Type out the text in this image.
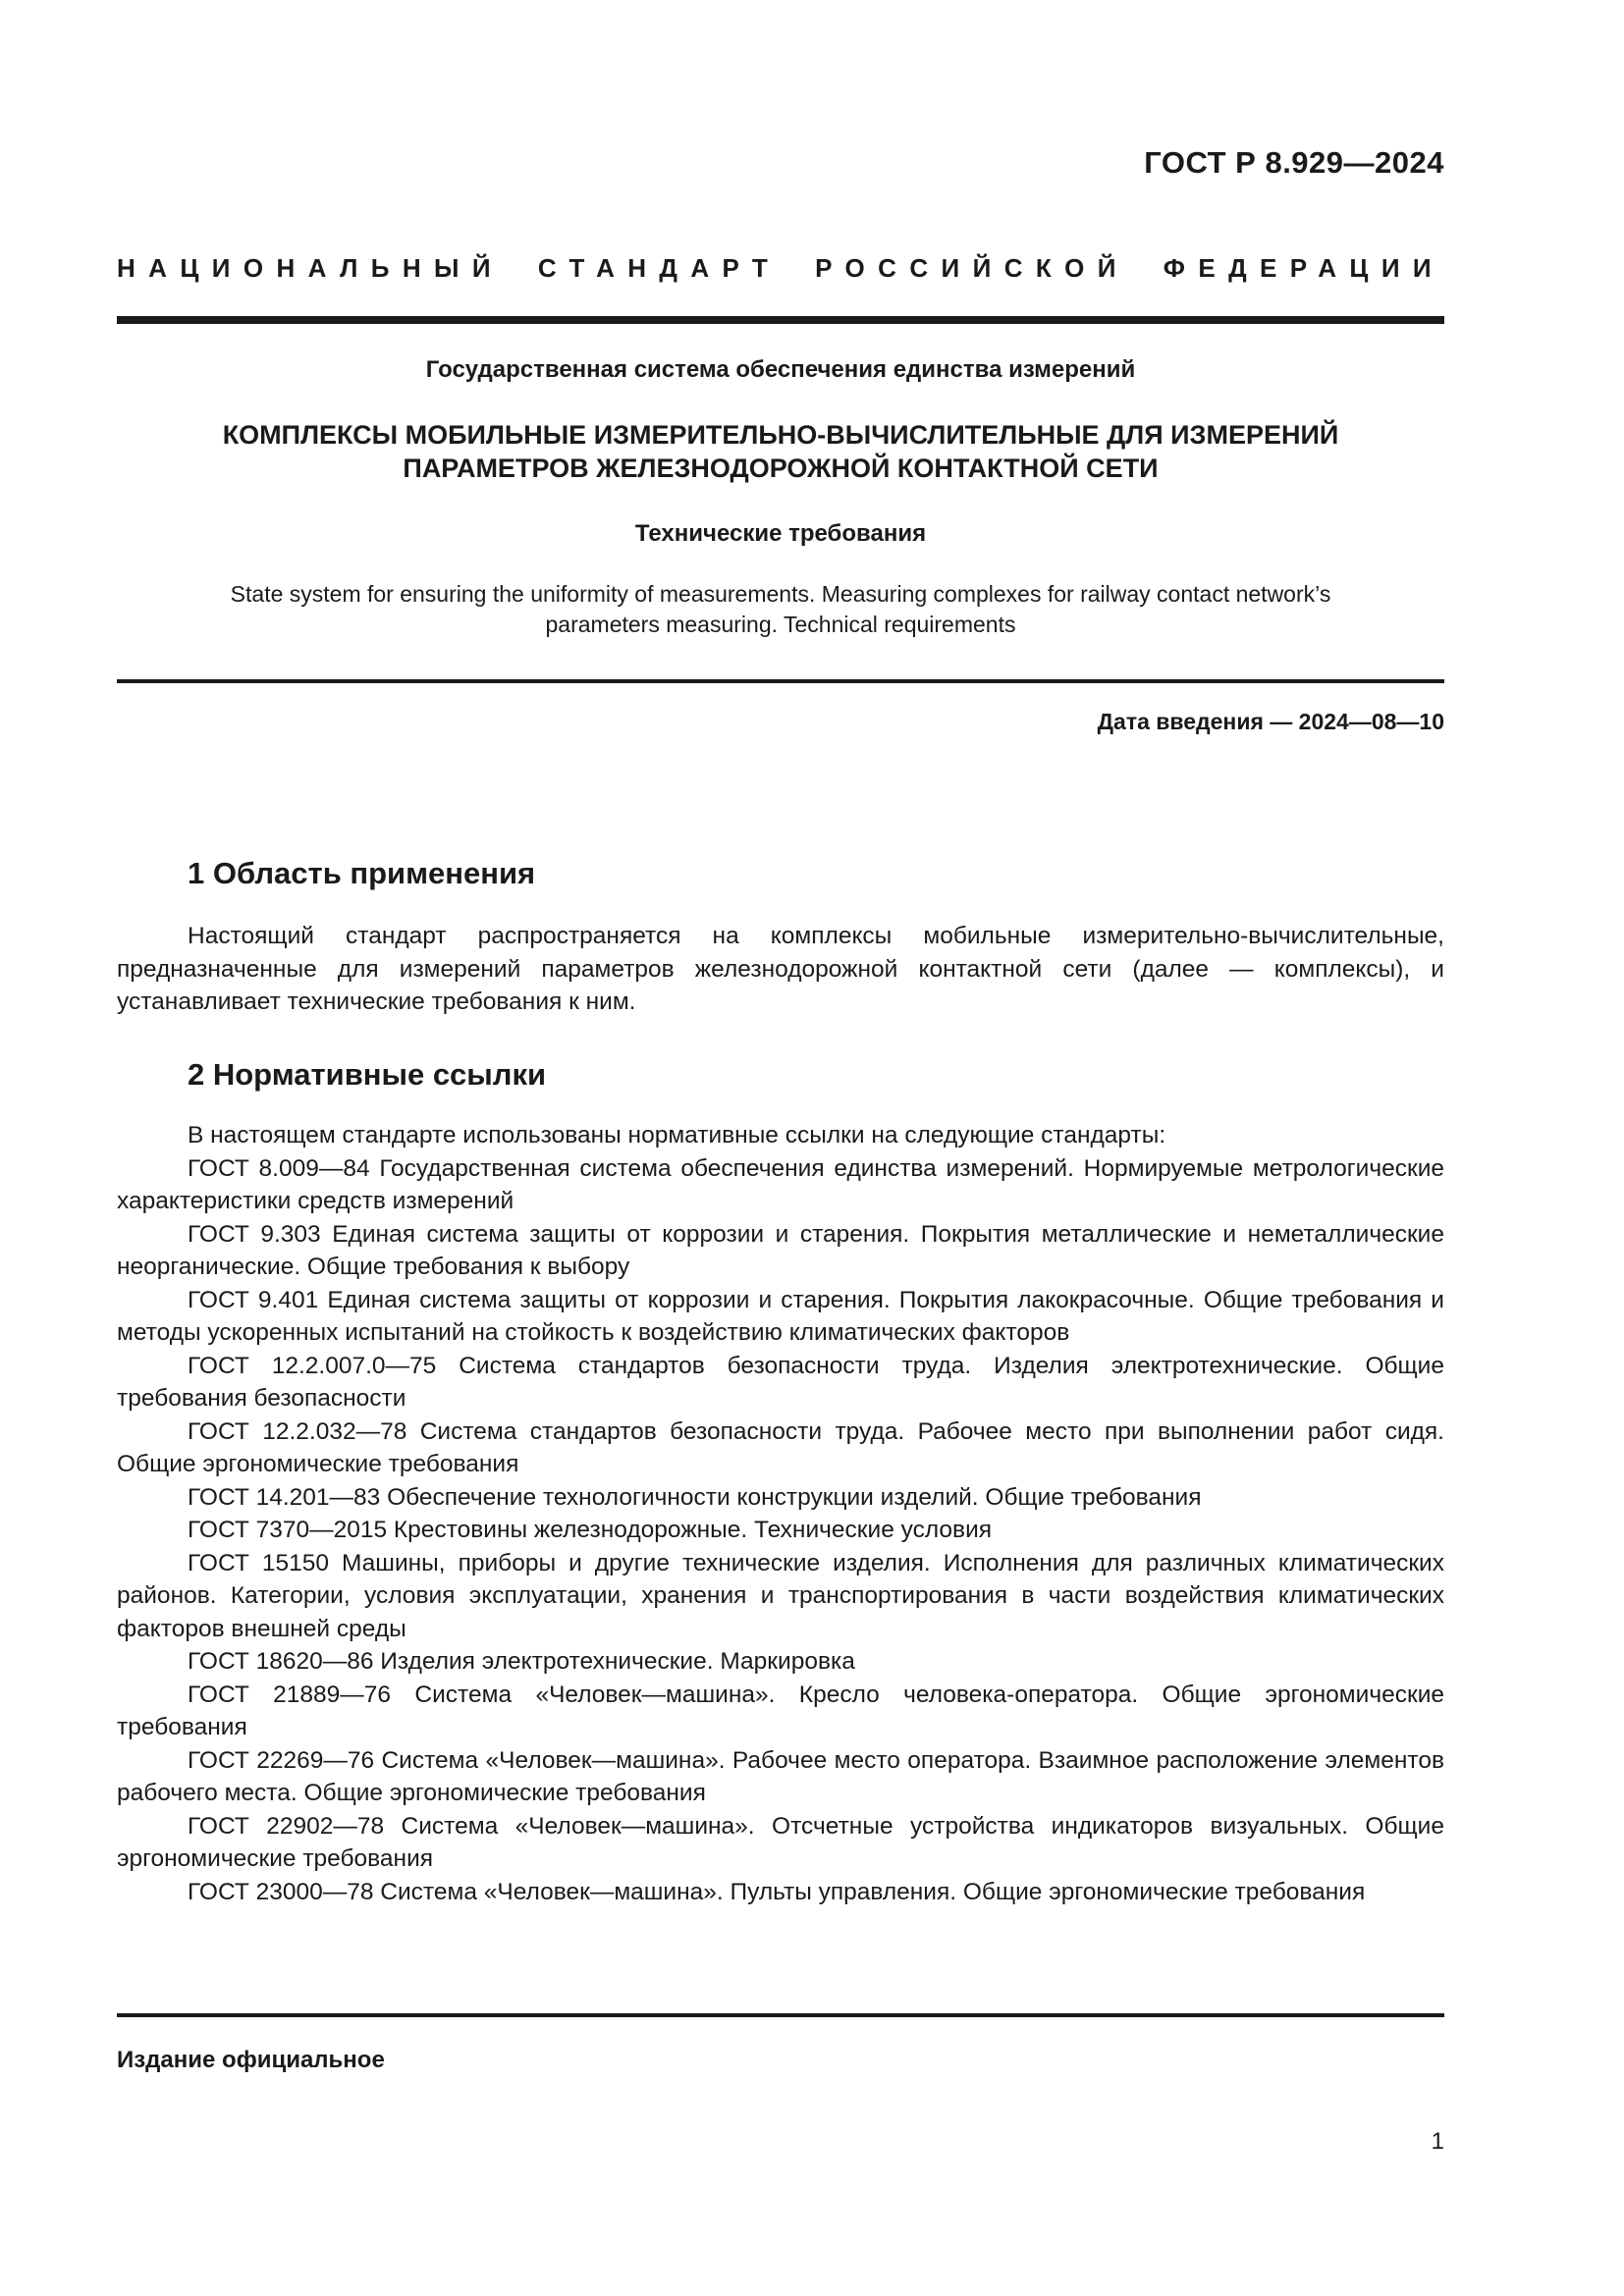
ГОСТ Р 8.929—2024
НАЦИОНАЛЬНЫЙ СТАНДАРТ РОССИЙСКОЙ ФЕДЕРАЦИИ
Государственная система обеспечения единства измерений
КОМПЛЕКСЫ МОБИЛЬНЫЕ ИЗМЕРИТЕЛЬНО-ВЫЧИСЛИТЕЛЬНЫЕ ДЛЯ ИЗМЕРЕНИЙ
ПАРАМЕТРОВ ЖЕЛЕЗНОДОРОЖНОЙ КОНТАКТНОЙ СЕТИ
Технические требования
State system for ensuring the uniformity of measurements. Measuring complexes for railway contact network’s
parameters measuring. Technical requirements
Дата введения — 2024—08—10
1 Область применения

Настоящий стандарт распространяется на комплексы мобильные измерительно-вычислительные, предназначенные для измерений параметров железнодорожной контактной сети (далее — комплексы), и устанавливает технические требования к ним.

2 Нормативные ссылки

В настоящем стандарте использованы нормативные ссылки на следующие стандарты:

ГОСТ 8.009—84 Государственная система обеспечения единства измерений. Нормируемые метрологические характеристики средств измерений

ГОСТ 9.303 Единая система защиты от коррозии и старения. Покрытия металлические и неметаллические неорганические. Общие требования к выбору

ГОСТ 9.401 Единая система защиты от коррозии и старения. Покрытия лакокрасочные. Общие требования и методы ускоренных испытаний на стойкость к воздействию климатических факторов

ГОСТ 12.2.007.0—75 Система стандартов безопасности труда. Изделия электротехнические. Общие требования безопасности

ГОСТ 12.2.032—78 Система стандартов безопасности труда. Рабочее место при выполнении работ сидя. Общие эргономические требования

ГОСТ 14.201—83 Обеспечение технологичности конструкции изделий. Общие требования

ГОСТ 7370—2015 Крестовины железнодорожные. Технические условия

ГОСТ 15150 Машины, приборы и другие технические изделия. Исполнения для различных климатических районов. Категории, условия эксплуатации, хранения и транспортирования в части воздействия климатических факторов внешней среды

ГОСТ 18620—86 Изделия электротехнические. Маркировка

ГОСТ 21889—76 Система «Человек—машина». Кресло человека-оператора. Общие эргономические требования

ГОСТ 22269—76 Система «Человек—машина». Рабочее место оператора. Взаимное расположение элементов рабочего места. Общие эргономические требования

ГОСТ 22902—78 Система «Человек—машина». Отсчетные устройства индикаторов визуальных. Общие эргономические требования

ГОСТ 23000—78 Система «Человек—машина». Пульты управления. Общие эргономические требования

Издание официальное
1
